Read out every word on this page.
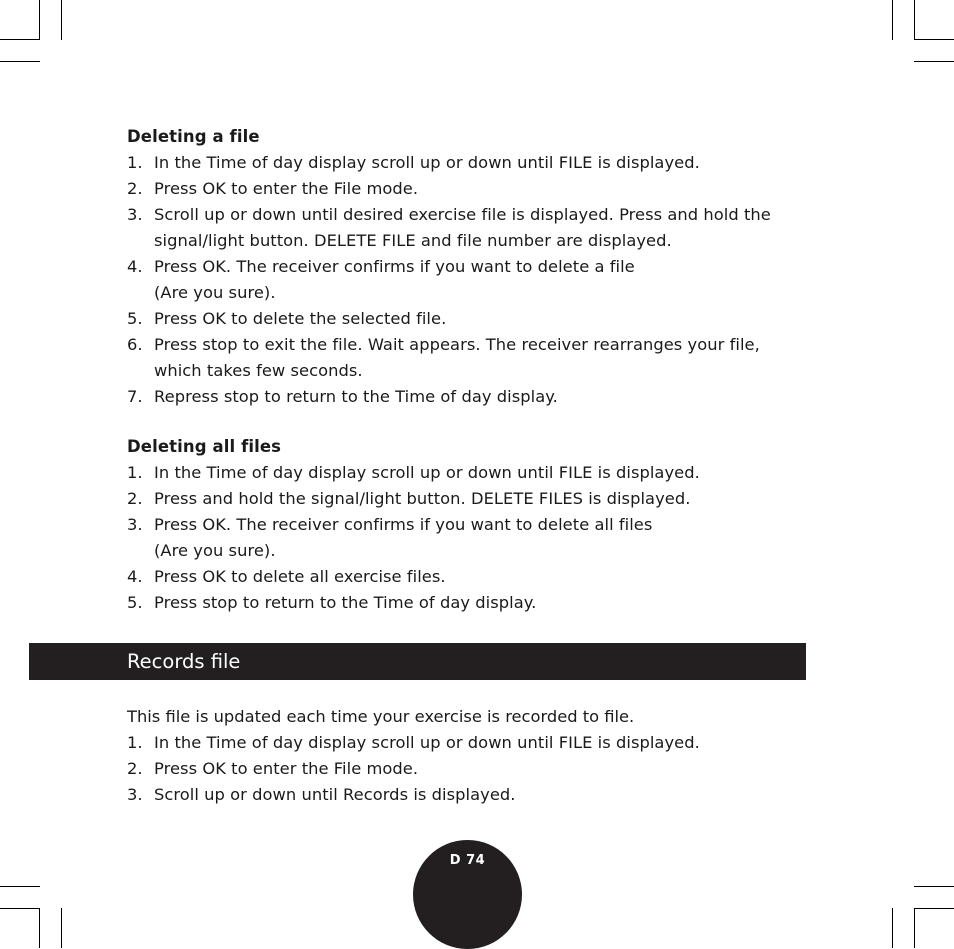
Deleting a file
1. In the Time of day display scroll up or down until FILE is displayed.
2. Press OK to enter the File mode.
3. Scroll up or down until desired exercise file is displayed. Press and hold the signal/light button. DELETE FILE and file number are displayed.
4. Press OK. The receiver confirms if you want to delete a file
(Are you sure).
5. Press OK to delete the selected file.
6. Press stop to exit the file. Wait appears. The receiver rearranges your file, which takes few seconds.
7. Repress stop to return to the Time of day display.
Deleting all files
1. In the Time of day display scroll up or down until FILE is displayed.
2. Press and hold the signal/light button. DELETE FILES is displayed.
3. Press OK. The receiver confirms if you want to delete all files
(Are you sure).
4. Press OK to delete all exercise files.
5. Press stop to return to the Time of day display.
Records file
This file is updated each time your exercise is recorded to file.
1. In the Time of day display scroll up or down until FILE is displayed.
2. Press OK to enter the File mode.
3. Scroll up or down until Records is displayed.
D 74
